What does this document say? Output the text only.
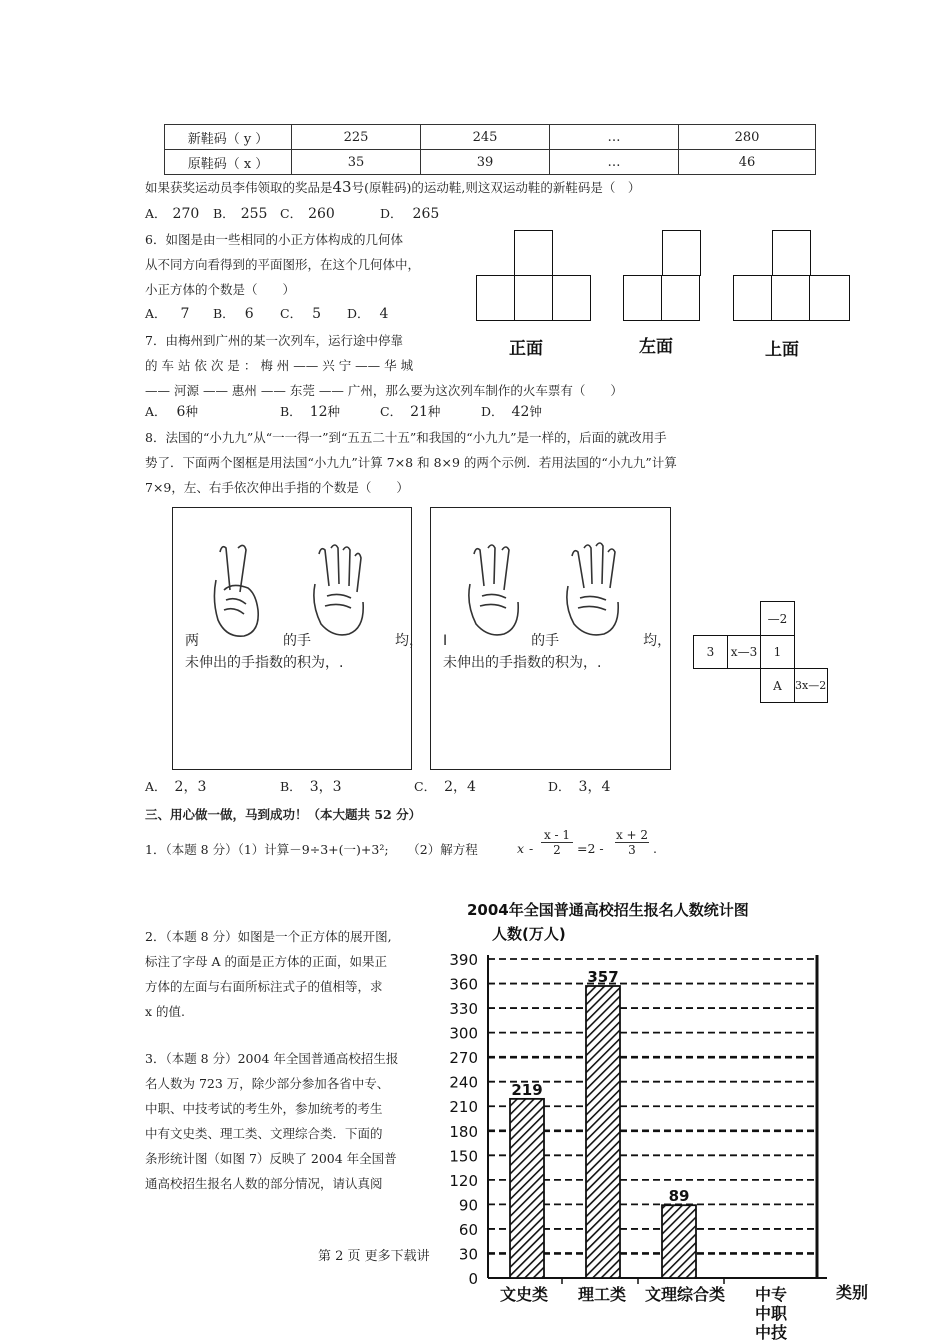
新鞋码（ y ）	225	245	…	280
原鞋码（ x ）	35	39	…	46
如果获奖运动员李伟领取的奖品是43号(原鞋码)的运动鞋,则这双运动鞋的新鞋码是（　）
A． 270 B． 255 C． 260	D． 265
6．如图是由一些相同的小正方体构成的几何体
从不同方向看得到的平面图形，在这个几何体中，
小正方体的个数是（　　）
A． 7 B． 6 C． 5 D． 4
正面	左面	上面
7．由梅州到广州的某一次列车，运行途中停靠
的 车 站 依 次 是 ： 梅 州 —— 兴 宁 —— 华 城
—— 河源 —— 惠州 —— 东莞 —— 广州，那么要为这次列车制作的火车票有（　　）
A． 6种	B． 12种	C． 21种	D． 42钟
8．法国的“小九九”从“一一得一”到“五五二十五”和我国的“小九九”是一样的，后面的就改用手
势了．下面两个图框是用法国“小九九”计算 7×8 和 8×9 的两个示例．若用法国的“小九九”计算
7×9，左、右手依次伸出手指的个数是（　　）
两　　　　　　的手　　　　　　均，
未伸出的手指数的积为，.
Ⅰ　　　　　　的手　　　　　　均，
未伸出的手指数的积为，.
A． 2，3	B． 3，3	C． 2，4	D． 3，4
—2
3	x—3	1
A	3x—2
三、用心做一做，马到成功！（本大题共 52 分）
1．（本题 8 分）（1）计算－9÷3+(一)+3²;　　（2）解方程	$x - \frac{x - 1}{2} =2 - \frac{x + 2}{3}$ .
2．（本题 8 分）如图是一个正方体的展开图,
标注了字母 A 的面是正方体的正面，如果正
方体的左面与右面所标注式子的值相等，求
x 的值.
3．（本题 8 分）2004 年全国普通高校招生报
名人数为 723 万，除少部分参加各省中专、
中职、中技考试的考生外，参加统考的考生
中有文史类、理工类、文理综合类．下面的
条形统计图（如图 7）反映了 2004 年全国普
通高校招生报名人数的部分情况，请认真阅
第 2 页 更多下载讲
2004年全国普通高校招生报名人数统计图
人数(万人)
0
30
60
90
120
150
180
210
240
270
300
330
360
390
219
357
89
文史类 理工类 文理综合类 中专
中职
中技
类别
